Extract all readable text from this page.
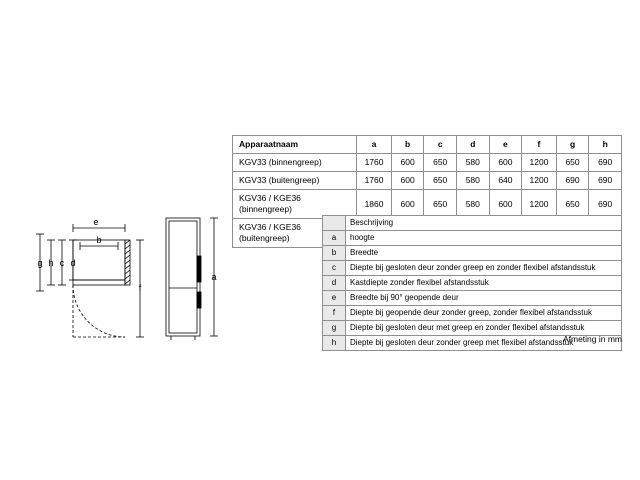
e
b
g h c d
f
a
Apparaatnaam	a	b	c	d	e	f	g	h
KGV33 (binnengreep)	1760	600	650	580	600	1200	650	690
KGV33 (buitengreep)	1760	600	650	580	640	1200	690	690
KGV36 / KGE36 (binnengreep)	1860	600	650	580	600	1200	650	690
KGV36 / KGE36 (buitengreep)								
	Beschrijving
a	hoogte
b	Breedte
c	Diepte bij gesloten deur zonder greep en zonder flexibel afstandsstuk
d	Kastdiepte zonder flexibel afstandsstuk
e	Breedte bij 90° geopende deur
f	Diepte bij geopende deur zonder greep, zonder flexibel afstandsstuk
g	Diepte bij gesloten deur met greep en zonder flexibel afstandsstuk
h	Diepte bij gesloten deur zonder greep met flexibel afstandsstuk
Afmeting in mm
